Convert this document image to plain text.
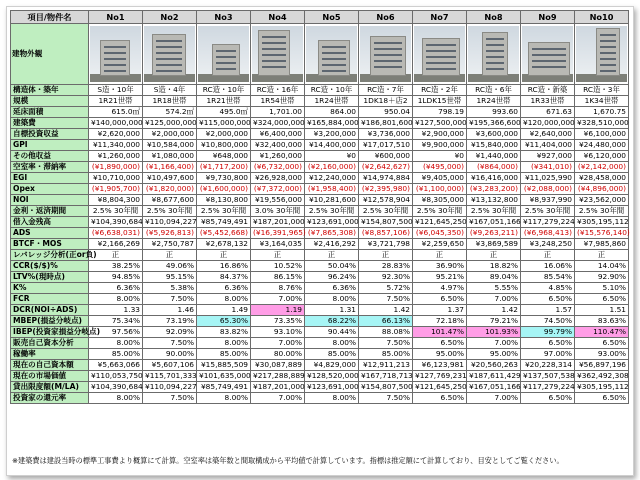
項目/物件名	No1	No2	No3	No4	No5	No6	No7	No8	No9	No10
建物外観	

構造体・築年	S造・10年	S造・4年	RC造・10年	RC造・16年	RC造・10年	RC造・7年	RC造・2年	RC造・6年	RC造・新築	RC造・3年
規模	1R21世帯	1R18世帯	1R21世帯	1R54世帯	1R24世帯	1DK18＋店2	1LDK15世帯	1R24世帯	1R33世帯	1K34世帯
延床面積	615.0㎡	574.2㎡	495.0㎡	1,701.00	864.00	950.04	798.19	993.60	671.63	1,670.75
建築費	¥140,000,000	¥125,000,000	¥115,000,000	¥324,000,000	¥165,884,000	¥186,801,600	¥127,500,000	¥195,366,600	¥120,000,000	¥328,510,000
自標投資収益	¥2,620,000	¥2,000,000	¥2,000,000	¥6,400,000	¥3,200,000	¥3,736,000	¥2,900,000	¥3,600,000	¥2,640,000	¥6,100,000
GPI	¥11,340,000	¥10,584,000	¥10,800,000	¥32,400,000	¥14,400,000	¥17,017,510	¥9,900,000	¥15,840,000	¥11,404,000	¥24,480,000
その他収益	¥1,260,000	¥1,080,000	¥648,000	¥1,260,000	¥0	¥600,000	¥0	¥1,440,000	¥927,000	¥6,120,000
空室率・滞納率	(¥1,890,000)	(¥1,166,400)	(¥1,717,200)	(¥6,732,000)	(¥2,160,000)	(¥2,642,627)	(¥495,000)	(¥864,000)	(¥341,010)	(¥2,142,000)
EGI	¥10,710,000	¥10,497,600	¥9,730,800	¥26,928,000	¥12,240,000	¥14,974,884	¥9,405,000	¥16,416,000	¥11,025,990	¥28,458,000
Opex	(¥1,905,700)	(¥1,820,000)	(¥1,600,000)	(¥7,372,000)	(¥1,958,400)	(¥2,395,980)	(¥1,100,000)	(¥3,283,200)	(¥2,088,000)	(¥4,896,000)
NOI	¥8,804,300	¥8,677,600	¥8,130,800	¥19,556,000	¥10,281,600	¥12,578,904	¥8,305,000	¥13,132,800	¥8,937,990	¥23,562,000
金利・返済期間	2.5% 30年間	2.5% 30年間	2.5% 30年間	3.0% 30年間	2.5% 30年間	2.5% 30年間	2.5% 30年間	2.5% 30年間	2.5% 30年間	2.5% 30年間
借入金残高	¥104,390,684	¥110,094,227	¥85,749,491	¥187,201,000	¥123,691,000	¥154,807,500	¥121,645,250	¥167,051,166	¥117,279,224	¥305,195,112
ADS	(¥6,638,031)	(¥5,926,813)	(¥5,452,668)	(¥16,391,965)	(¥7,865,308)	(¥8,857,106)	(¥6,045,350)	(¥9,263,211)	(¥6,968,413)	(¥15,576,140)
BTCF・MOS	¥2,166,269	¥2,750,787	¥2,678,132	¥3,164,035	¥2,416,292	¥3,721,798	¥2,259,650	¥3,869,589	¥3,248,250	¥7,985,860
レバレッジ分析(正or負)	正	正	正	正	正	正	正	正	正	正
CCR($/$)%	38.25%	49.06%	16.86%	10.52%	50.04%	28.83%	36.90%	18.82%	16.06%	14.04%
LTV%(現時点)	94.85%	95.15%	84.37%	86.15%	96.24%	92.30%	95.21%	89.04%	85.54%	92.90%
K%	6.36%	5.38%	6.36%	8.76%	6.36%	5.72%	4.97%	5.55%	4.85%	5.10%
FCR	8.00%	7.50%	8.00%	7.00%	8.00%	7.50%	6.50%	7.00%	6.50%	6.50%
DCR(NOI÷ADS)	1.33	1.46	1.49	1.19	1.31	1.42	1.37	1.42	1.57	1.51
MBEP(損益分岐点)	75.34%	73.19%	65.30%	73.35%	68.22%	66.13%	72.18%	79.21%	74.50%	83.63%
IBEP(投資家損益分岐点)	97.56%	92.09%	83.82%	93.10%	90.44%	88.08%	101.47%	101.93%	99.79%	110.47%
販売自己資本分析	8.00%	7.50%	8.00%	7.00%	8.00%	7.50%	6.50%	7.00%	6.50%	6.50%
稼働率	85.00%	90.00%	85.00%	80.00%	85.00%	85.00%	95.00%	95.00%	97.00%	93.00%
現在の自己資本額	¥5,663,066	¥5,607,106	¥15,885,509	¥30,087,889	¥4,829,000	¥12,911,213	¥6,123,981	¥20,560,263	¥20,228,314	¥56,897,196
現在の市場価値	¥110,053,750	¥115,701,333	¥101,635,000	¥217,288,889	¥128,520,000	¥167,718,713	¥127,769,231	¥187,611,429	¥137,507,538	¥362,492,308
貸出限度額(M/LA)	¥104,390,684	¥110,094,227	¥85,749,491	¥187,201,000	¥123,691,000	¥154,807,500	¥121,645,250	¥167,051,166	¥117,279,224	¥305,195,112
投資家の還元率	8.00%	7.50%	8.00%	7.00%	8.00%	7.50%	6.50%	7.00%	6.50%	6.50%
※建築費は建設当時の標準工事費より概算にて計算。空室率は築年数と間取構成から平均値で計算しています。指標は推定額にて計算しており、目安としてご覧ください。
